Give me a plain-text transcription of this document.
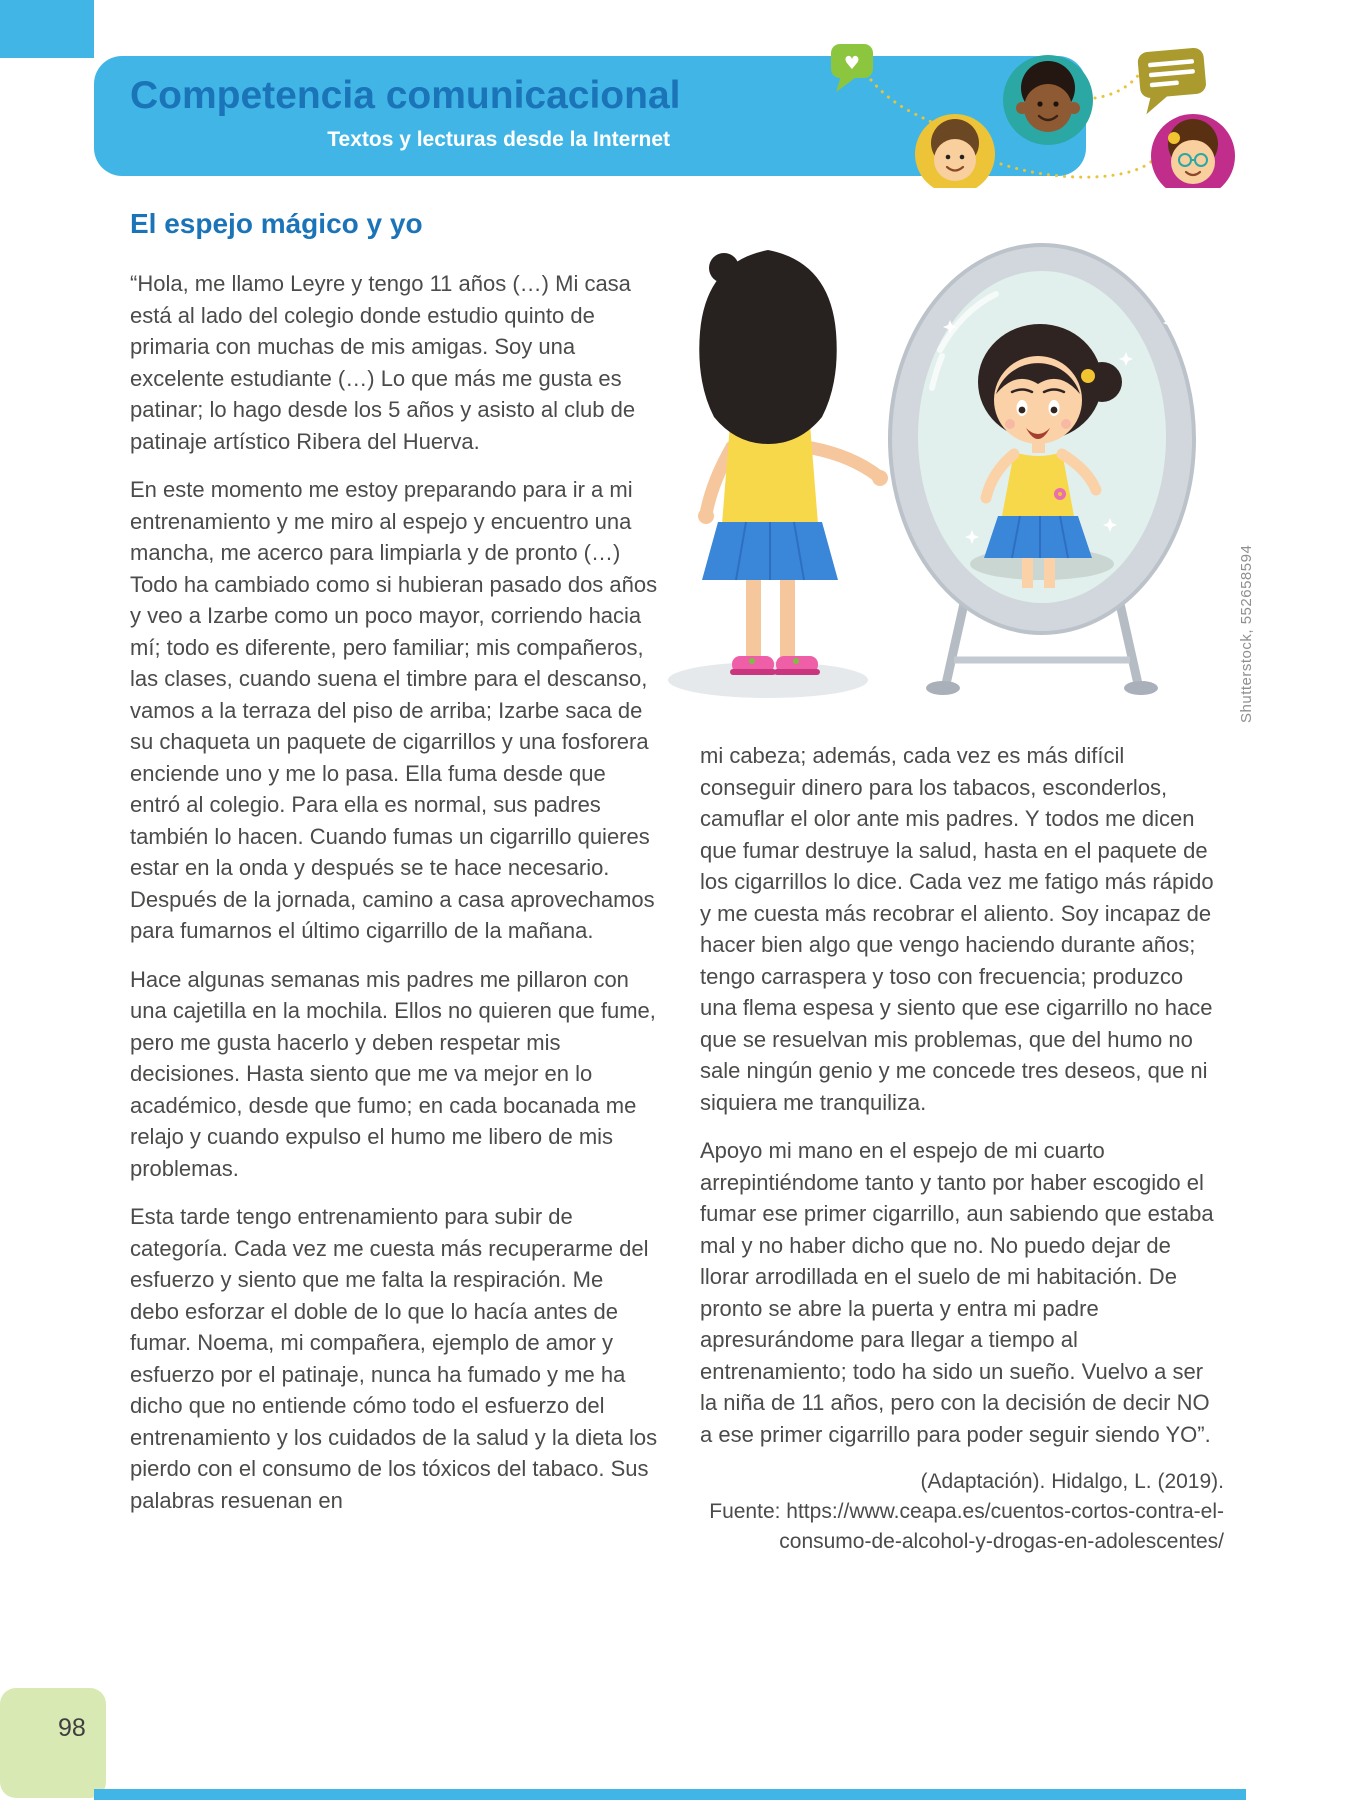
Competencia comunicacional
Textos y lecturas desde la Internet
♥
El espejo mágico y yo

“Hola, me llamo Leyre y tengo 11 años (…) Mi casa está al lado del colegio donde estudio quinto de primaria con muchas de mis amigas. Soy una excelente estudiante (…) Lo que más me gusta es patinar; lo hago desde los 5 años y asisto al club de patinaje artístico Ribera del Huerva.

En este momento me estoy preparando para ir a mi entrenamiento y me miro al espejo y encuentro una mancha, me acerco para limpiarla y de pronto (…) Todo ha cambiado como si hubieran pasado dos años y veo a Izarbe como un poco mayor, corriendo hacia mí; todo es diferente, pero familiar; mis compañeros, las clases, cuando suena el timbre para el descanso, vamos a la terraza del piso de arriba; Izarbe saca de su chaqueta un paquete de cigarrillos y una fosforera enciende uno y me lo pasa. Ella fuma desde que entró al colegio. Para ella es normal, sus padres también lo hacen. Cuando fumas un cigarrillo quieres estar en la onda y después se te hace necesario. Después de la jornada, camino a casa aprovechamos para fumarnos el último cigarrillo de la mañana.

Hace algunas semanas mis padres me pillaron con una cajetilla en la mochila. Ellos no quieren que fume, pero me gusta hacerlo y deben respetar mis decisiones. Hasta siento que me va mejor en lo académico, desde que fumo; en cada bocanada me relajo y cuando expulso el humo me libero de mis problemas.

Esta tarde tengo entrenamiento para subir de categoría. Cada vez me cuesta más recuperarme del esfuerzo y siento que me falta la respiración. Me debo esforzar el doble de lo que lo hacía antes de fumar. Noema, mi compañera, ejemplo de amor y esfuerzo por el patinaje, nunca ha fumado y me ha dicho que no entiende cómo todo el esfuerzo del entrenamiento y los cuidados de la salud y la dieta los pierdo con el consumo de los tóxicos del tabaco. Sus palabras resuenan en

mi cabeza; además, cada vez es más difícil conseguir dinero para los tabacos, esconderlos, camuflar el olor ante mis padres. Y todos me dicen que fumar destruye la salud, hasta en el paquete de los cigarrillos lo dice. Cada vez me fatigo más rápido y me cuesta más recobrar el aliento. Soy incapaz de hacer bien algo que vengo haciendo durante años; tengo carraspera y toso con frecuencia; produzco una flema espesa y siento que ese cigarrillo no hace que se resuelvan mis problemas, que del humo no sale ningún genio y me concede tres deseos, que ni siquiera me tranquiliza.

Apoyo mi mano en el espejo de mi cuarto arrepintiéndome tanto y tanto por haber escogido el fumar ese primer cigarrillo, aun sabiendo que estaba mal y no haber dicho que no. No puedo dejar de llorar arrodillada en el suelo de mi habitación. De pronto se abre la puerta y entra mi padre apresurándome para llegar a tiempo al entrenamiento; todo ha sido un sueño. Vuelvo a ser la niña de 11 años, pero con la decisión de decir NO a ese primer cigarrillo para poder seguir siendo YO”.

(Adaptación). Hidalgo, L. (2019).
Fuente: https://www.ceapa.es/cuentos-cortos-contra-el-
consumo-de-alcohol-y-drogas-en-adolescentes/
Shutterstock, 552658594
98
